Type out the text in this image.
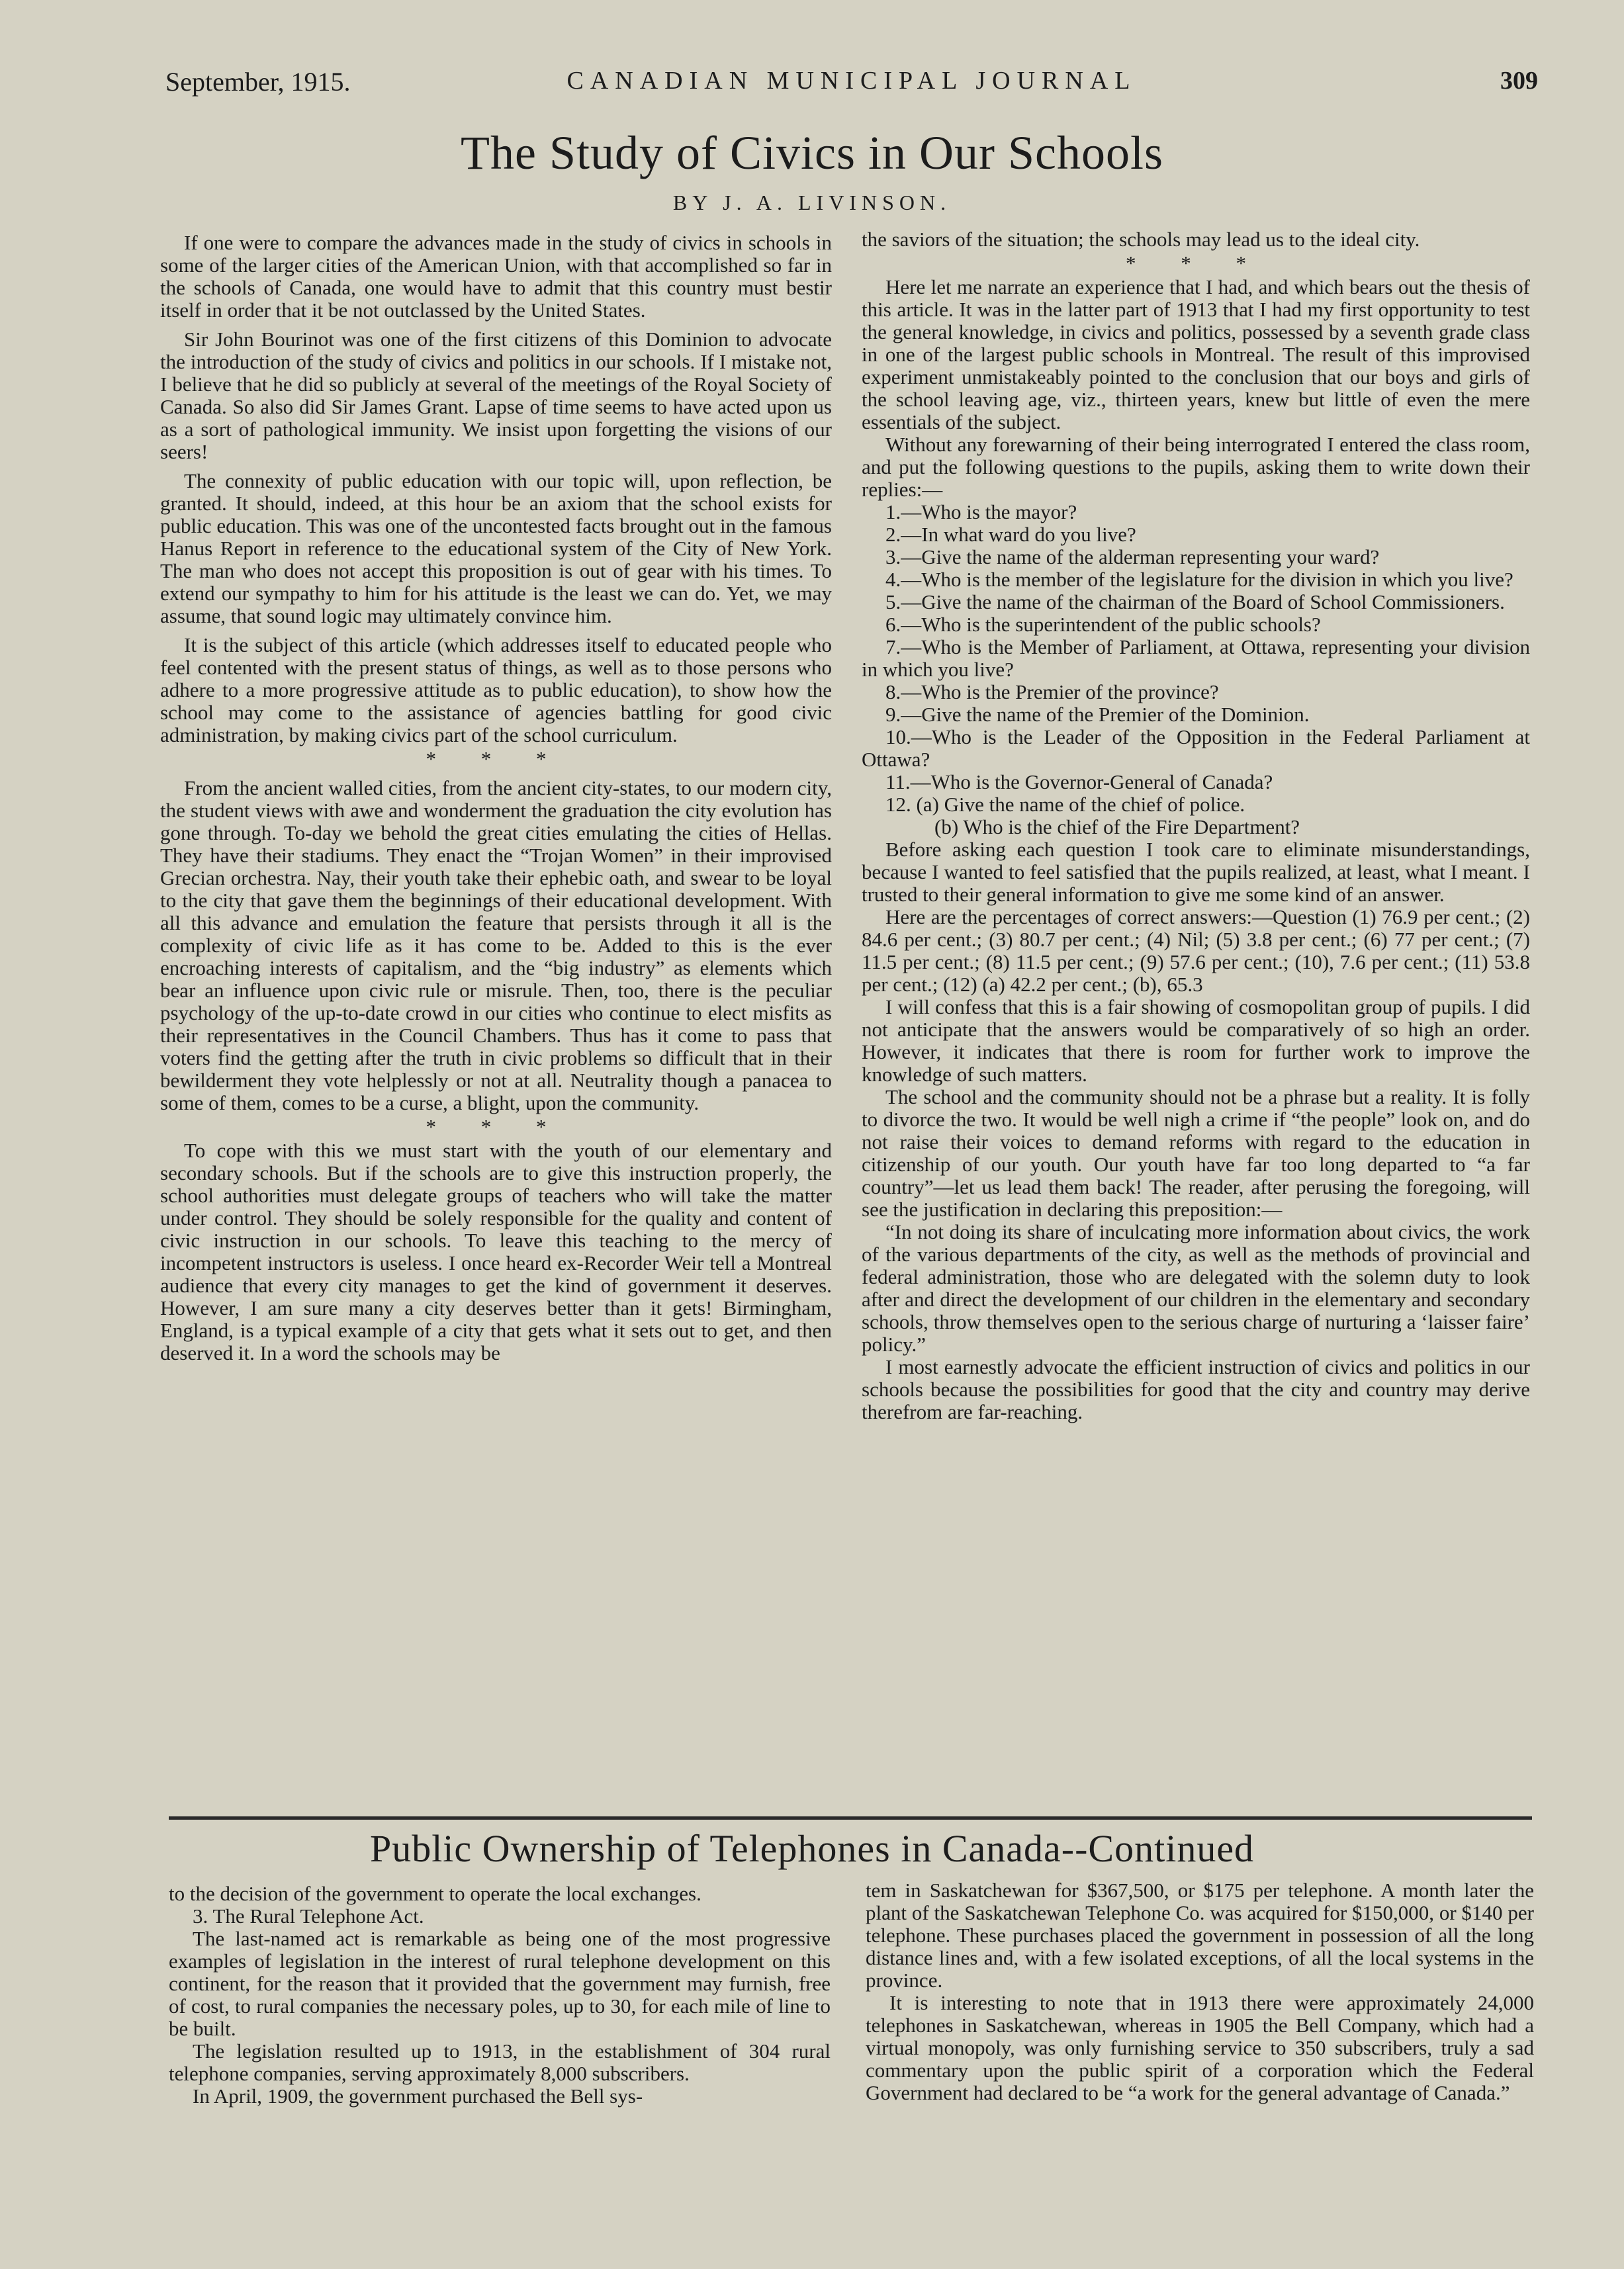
September, 1915.	CANADIAN MUNICIPAL JOURNAL	309
The Study of Civics in Our Schools
BY J. A. LIVINSON.

If one were to compare the advances made in the study of civics in schools in some of the larger cities of the American Union, with that accomplished so far in the schools of Canada, one would have to admit that this country must bestir itself in order that it be not outclassed by the United States.

Sir John Bourinot was one of the first citizens of this Dominion to advocate the introduction of the study of civics and politics in our schools. If I mistake not, I believe that he did so publicly at several of the meetings of the Royal Society of Canada. So also did Sir James Grant. Lapse of time seems to have acted upon us as a sort of pathological immunity. We insist upon forgetting the visions of our seers!

The connexity of public education with our topic will, upon reflection, be granted. It should, indeed, at this hour be an axiom that the school exists for public education. This was one of the uncontested facts brought out in the famous Hanus Report in reference to the educational system of the City of New York. The man who does not accept this proposition is out of gear with his times. To extend our sympathy to him for his attitude is the least we can do. Yet, we may assume, that sound logic may ultimately convince him.

It is the subject of this article (which addresses itself to educated people who feel contented with the present status of things, as well as to those persons who adhere to a more progressive attitude as to public education), to show how the school may come to the assistance of agencies battling for good civic administration, by making civics part of the school curriculum.

* * *

From the ancient walled cities, from the ancient city-states, to our modern city, the student views with awe and wonderment the graduation the city evolution has gone through. To-day we behold the great cities emulating the cities of Hellas. They have their stadiums. They enact the “Trojan Women” in their improvised Grecian orchestra. Nay, their youth take their ephebic oath, and swear to be loyal to the city that gave them the beginnings of their educational development. With all this advance and emulation the feature that persists through it all is the complexity of civic life as it has come to be. Added to this is the ever encroaching interests of capitalism, and the “big industry” as elements which bear an influence upon civic rule or misrule. Then, too, there is the peculiar psychology of the up-to-date crowd in our cities who continue to elect misfits as their representatives in the Council Chambers. Thus has it come to pass that voters find the getting after the truth in civic problems so difficult that in their bewilderment they vote helplessly or not at all. Neutrality though a panacea to some of them, comes to be a curse, a blight, upon the community.

* * *

To cope with this we must start with the youth of our elementary and secondary schools. But if the schools are to give this instruction properly, the school authorities must delegate groups of teachers who will take the matter under control. They should be solely responsible for the quality and content of civic instruction in our schools. To leave this teaching to the mercy of incompetent instructors is useless. I once heard ex-Recorder Weir tell a Montreal audience that every city manages to get the kind of government it deserves. However, I am sure many a city deserves better than it gets! Birmingham, England, is a typical example of a city that gets what it sets out to get, and then deserved it. In a word the schools may be

the saviors of the situation; the schools may lead us to the ideal city.

* * *

Here let me narrate an experience that I had, and which bears out the thesis of this article. It was in the latter part of 1913 that I had my first opportunity to test the general knowledge, in civics and politics, possessed by a seventh grade class in one of the largest public schools in Montreal. The result of this improvised experiment unmistakeably pointed to the conclusion that our boys and girls of the school leaving age, viz., thirteen years, knew but little of even the mere essentials of the subject.

Without any forewarning of their being interrograted I entered the class room, and put the following questions to the pupils, asking them to write down their replies:—

1.—Who is the mayor?

2.—In what ward do you live?

3.—Give the name of the alderman representing your ward?

4.—Who is the member of the legislature for the division in which you live?

5.—Give the name of the chairman of the Board of School Commissioners.

6.—Who is the superintendent of the public schools?

7.—Who is the Member of Parliament, at Ottawa, representing your division in which you live?

8.—Who is the Premier of the province?

9.—Give the name of the Premier of the Dominion.

10.—Who is the Leader of the Opposition in the Federal Parliament at Ottawa?

11.—Who is the Governor-General of Canada?

12. (a) Give the name of the chief of police.

(b) Who is the chief of the Fire Department?

Before asking each question I took care to eliminate misunderstandings, because I wanted to feel satisfied that the pupils realized, at least, what I meant. I trusted to their general information to give me some kind of an answer.

Here are the percentages of correct answers:—Question (1) 76.9 per cent.; (2) 84.6 per cent.; (3) 80.7 per cent.; (4) Nil; (5) 3.8 per cent.; (6) 77 per cent.; (7) 11.5 per cent.; (8) 11.5 per cent.; (9) 57.6 per cent.; (10), 7.6 per cent.; (11) 53.8 per cent.; (12) (a) 42.2 per cent.; (b), 65.3

I will confess that this is a fair showing of cosmopolitan group of pupils. I did not anticipate that the answers would be comparatively of so high an order. However, it indicates that there is room for further work to improve the knowledge of such matters.

The school and the community should not be a phrase but a reality. It is folly to divorce the two. It would be well nigh a crime if “the people” look on, and do not raise their voices to demand reforms with regard to the education in citizenship of our youth. Our youth have far too long departed to “a far country”—let us lead them back! The reader, after perusing the foregoing, will see the justification in declaring this preposition:—

“In not doing its share of inculcating more information about civics, the work of the various departments of the city, as well as the methods of provincial and federal administration, those who are delegated with the solemn duty to look after and direct the development of our children in the elementary and secondary schools, throw themselves open to the serious charge of nurturing a ‘laisser faire’ policy.”

I most earnestly advocate the efficient instruction of civics and politics in our schools because the possibilities for good that the city and country may derive therefrom are far-reaching.

Public Ownership of Telephones in Canada--Continued

to the decision of the government to operate the local exchanges.

3. The Rural Telephone Act.

The last-named act is remarkable as being one of the most progressive examples of legislation in the interest of rural telephone development on this continent, for the reason that it provided that the government may furnish, free of cost, to rural companies the necessary poles, up to 30, for each mile of line to be built.

The legislation resulted up to 1913, in the establishment of 304 rural telephone companies, serving approximately 8,000 subscribers.

In April, 1909, the government purchased the Bell sys-

tem in Saskatchewan for $367,500, or $175 per telephone. A month later the plant of the Saskatchewan Telephone Co. was acquired for $150,000, or $140 per telephone. These purchases placed the government in possession of all the long distance lines and, with a few isolated exceptions, of all the local systems in the province.

It is interesting to note that in 1913 there were approximately 24,000 telephones in Saskatchewan, whereas in 1905 the Bell Company, which had a virtual monopoly, was only furnishing service to 350 subscribers, truly a sad commentary upon the public spirit of a corporation which the Federal Government had declared to be “a work for the general advantage of Canada.”
